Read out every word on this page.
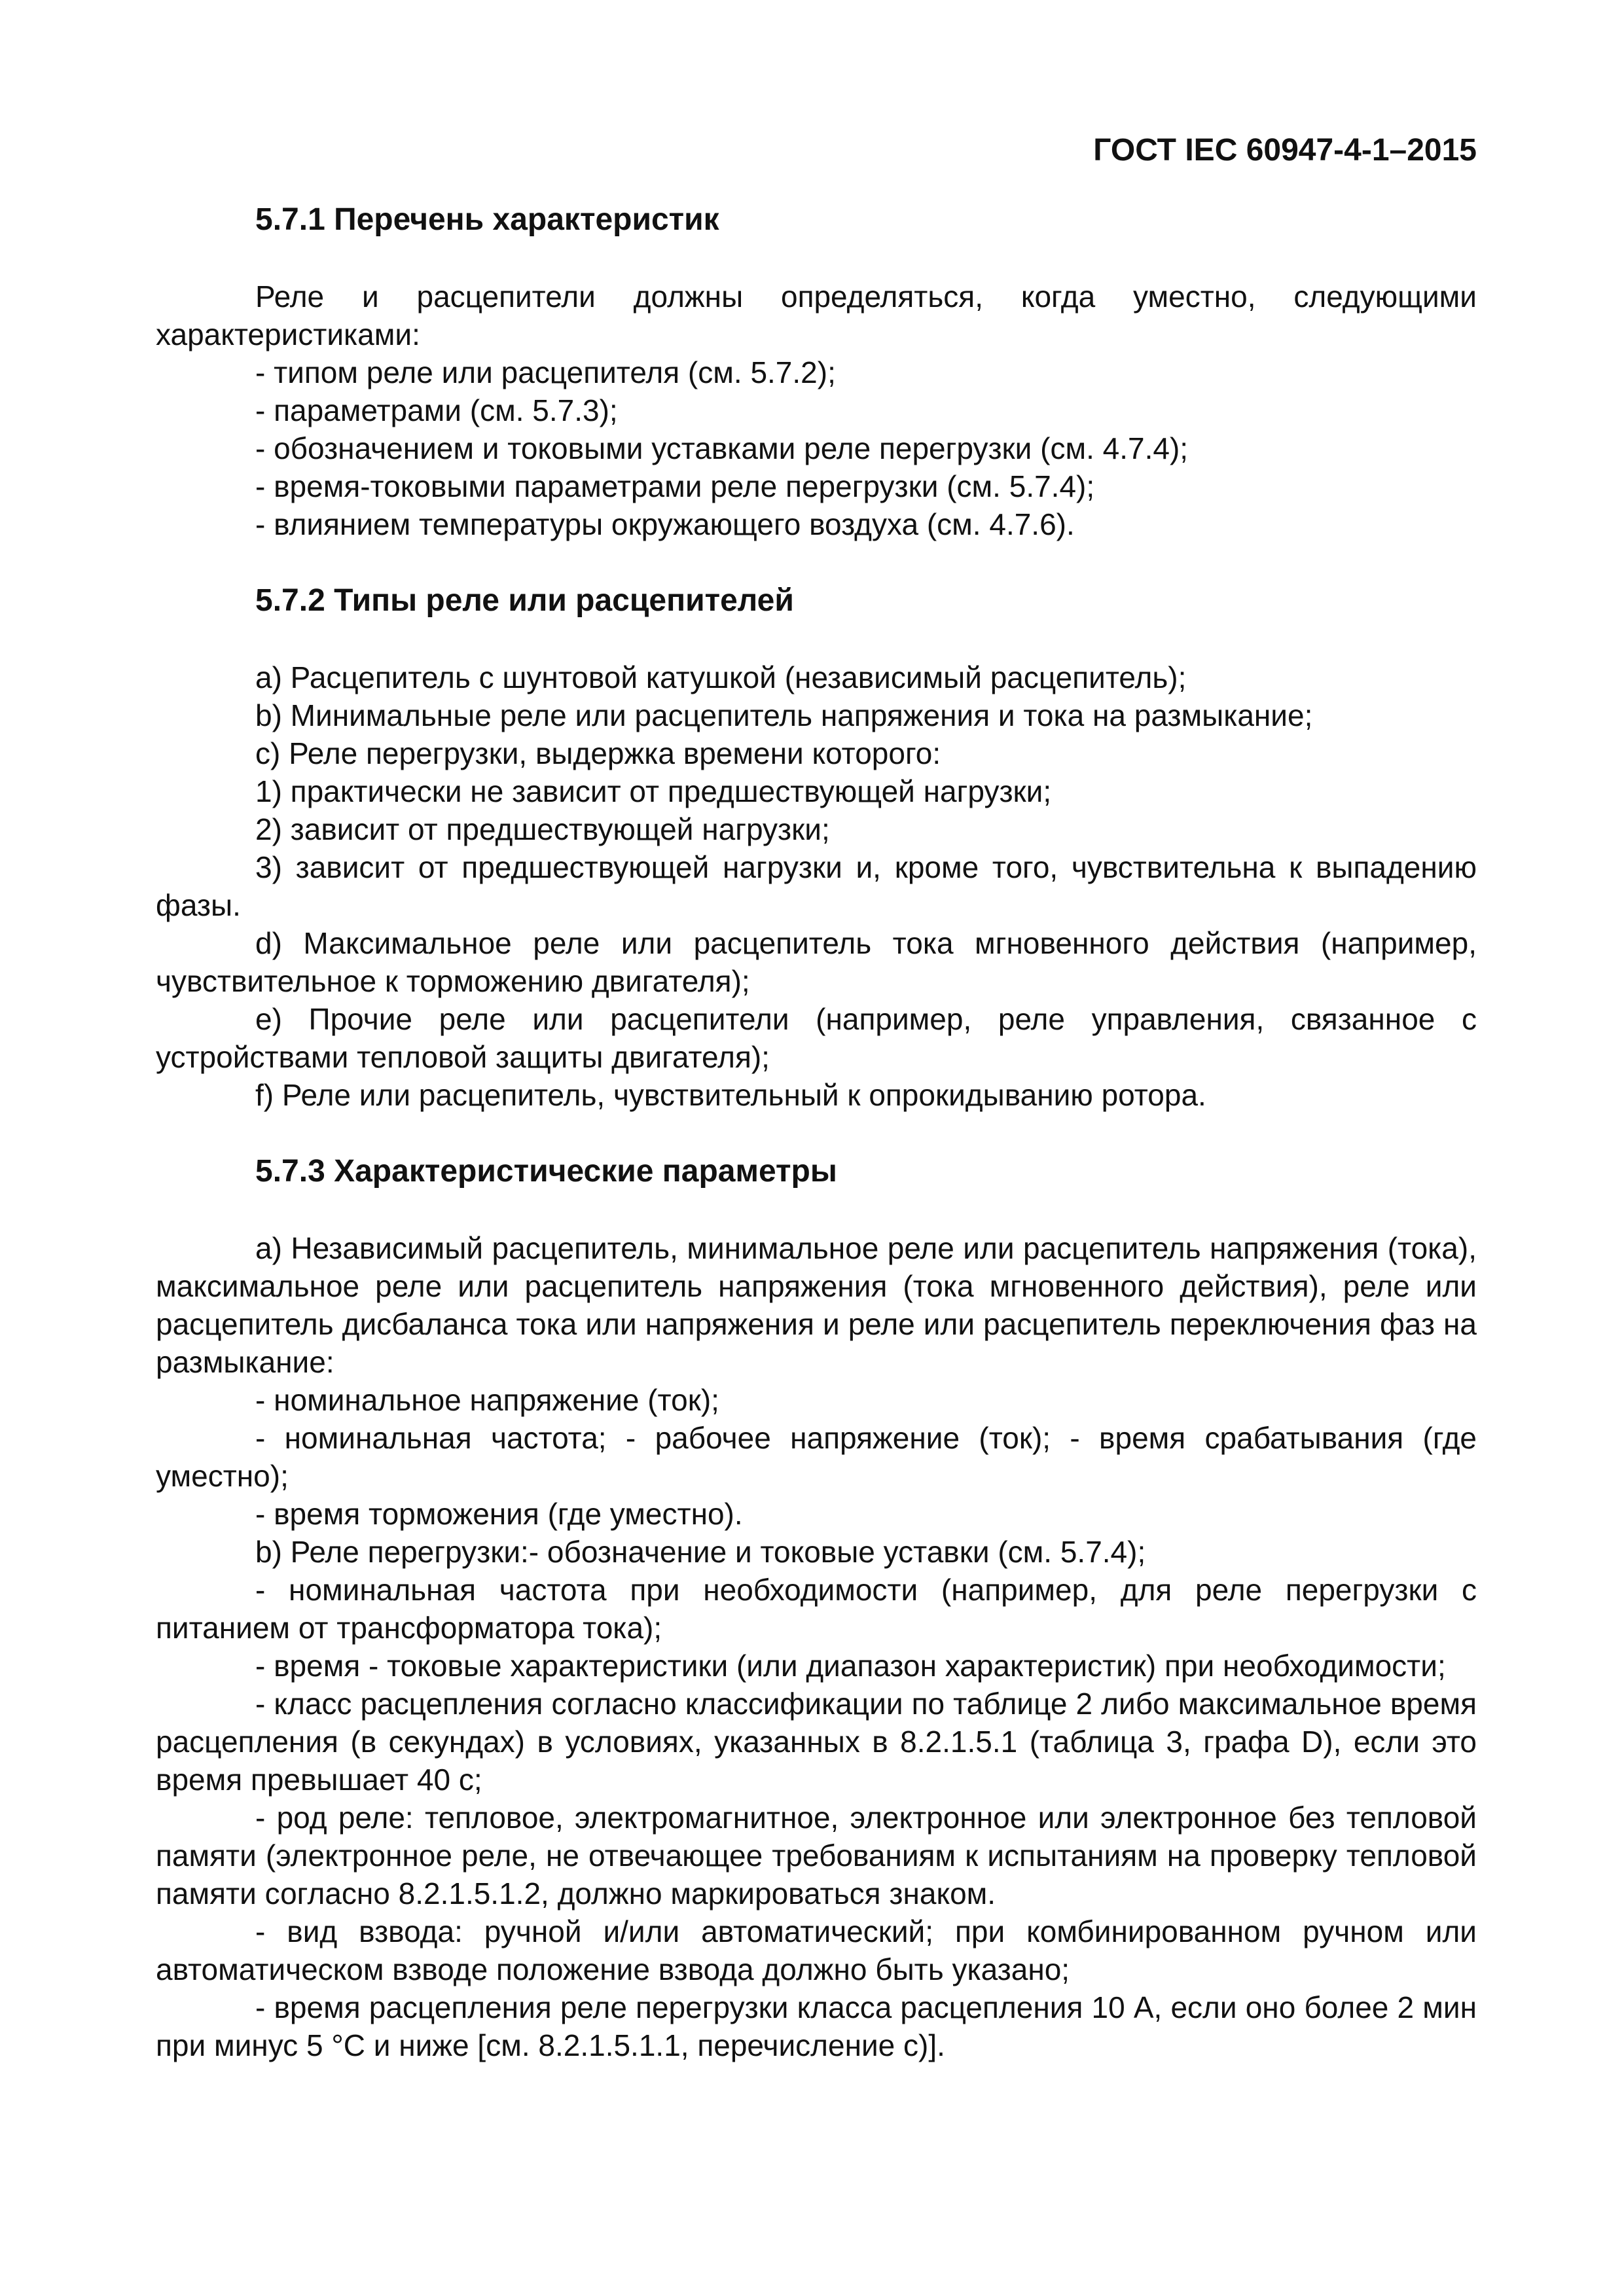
ГОСТ IEC 60947-4-1–2015
5.7.1 Перечень характеристик

Реле и расцепители должны определяться, когда уместно, следующими характеристиками:

- типом реле или расцепителя (см. 5.7.2);

- параметрами (см. 5.7.3);

- обозначением и токовыми уставками реле перегрузки (см. 4.7.4);

- время-токовыми параметрами реле перегрузки (см. 5.7.4);

- влиянием температуры окружающего воздуха (см. 4.7.6).

5.7.2 Типы реле или расцепителей

a) Расцепитель с шунтовой катушкой (независимый расцепитель);

b) Минимальные реле или расцепитель напряжения и тока на размыкание;

c) Реле перегрузки, выдержка времени которого:

1) практически не зависит от предшествующей нагрузки;

2) зависит от предшествующей нагрузки;

3) зависит от предшествующей нагрузки и, кроме того, чувствительна к выпадению фазы.

d) Максимальное реле или расцепитель тока мгновенного действия (например, чувствительное к торможению двигателя);

e) Прочие реле или расцепители (например, реле управления, связанное с устройствами тепловой защиты двигателя);

f) Реле или расцепитель, чувствительный к опрокидыванию ротора.

5.7.3 Характеристические параметры

a) Независимый расцепитель, минимальное реле или расцепитель напряжения (тока), максимальное реле или расцепитель напряжения (тока мгновенного действия), реле или расцепитель дисбаланса тока или напряжения и реле или расцепитель переключения фаз на размыкание:

- номинальное напряжение (ток);

- номинальная частота; - рабочее напряжение (ток); - время срабатывания (где уместно);

- время торможения (где уместно).

b) Реле перегрузки:- обозначение и токовые уставки (см. 5.7.4);

- номинальная частота при необходимости (например, для реле перегрузки с питанием от трансформатора тока);

- время - токовые характеристики (или диапазон характеристик) при необходимости;

- класс расцепления согласно классификации по таблице 2 либо максимальное время расцепления (в секундах) в условиях, указанных в 8.2.1.5.1 (таблица 3, графа D), если это время превышает 40 с;

- род реле: тепловое, электромагнитное, электронное или электронное без тепловой памяти (электронное реле, не отвечающее требованиям к испытаниям на проверку тепловой памяти согласно 8.2.1.5.1.2, должно маркироваться знаком.

- вид взвода: ручной и/или автоматический; при комбинированном ручном или автоматическом взводе положение взвода должно быть указано;

- время расцепления реле перегрузки класса расцепления 10 А, если оно более 2 мин при минус 5 °С и ниже [см. 8.2.1.5.1.1, перечисление с)].
